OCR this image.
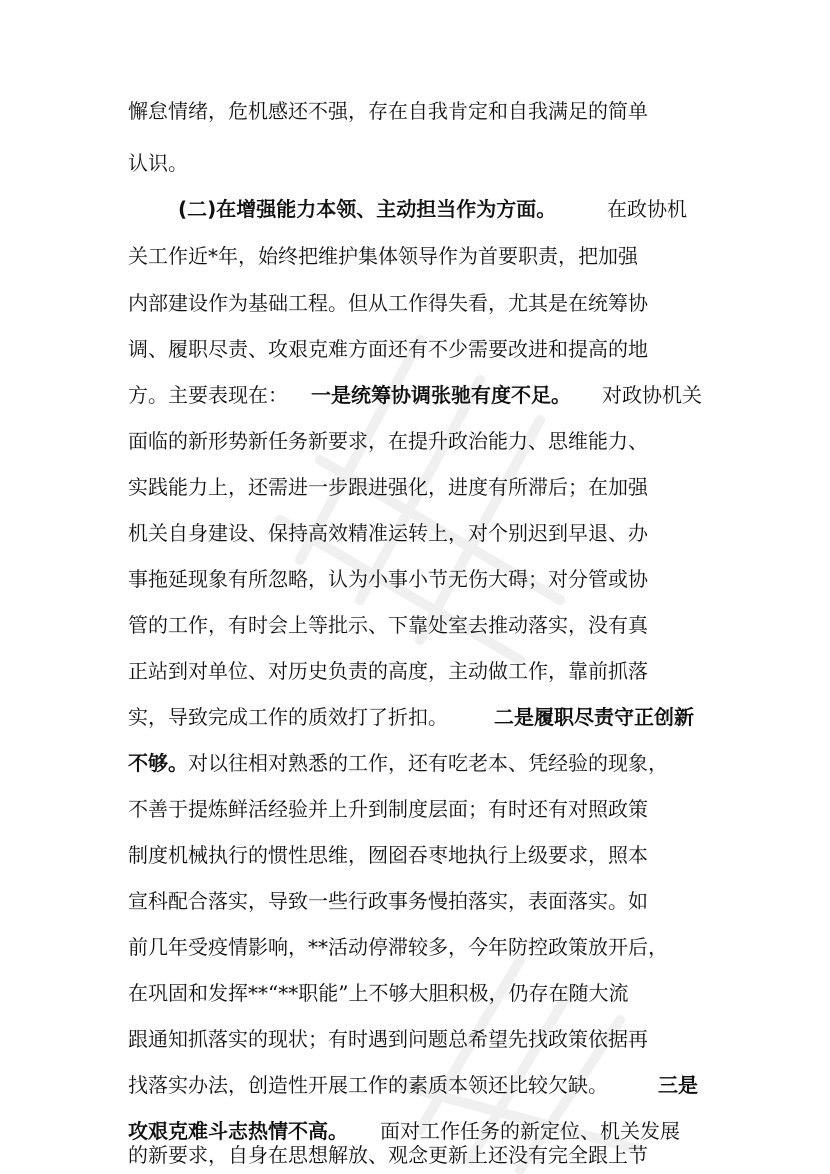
懈怠情绪，危机感还不强，存在自我肯定和自我满足的简单
认识。
(二)在增强能力本领、主动担当作为方面。	在政协机
关工作近*年，始终把维护集体领导作为首要职责，把加强
内部建设作为基础工程。但从工作得失看，尤其是在统筹协
调、履职尽责、攻艰克难方面还有不少需要改进和提高的地
方。主要表现在： 一是统筹协调张驰有度不足。 对政协机关
面临的新形势新任务新要求，在提升政治能力、思维能力、
实践能力上，还需进一步跟进强化，进度有所滞后；在加强
机关自身建设、保持高效精准运转上，对个别迟到早退、办
事拖延现象有所忽略，认为小事小节无伤大碍；对分管或协
管的工作，有时会上等批示、下靠处室去推动落实，没有真
正站到对单位、对历史负责的高度，主动做工作，靠前抓落
实，导致完成工作的质效打了折扣。 二是履职尽责守正创新
不够。 对以往相对熟悉的工作，还有吃老本、凭经验的现象，
不善于提炼鲜活经验并上升到制度层面；有时还有对照政策
制度机械执行的惯性思维，囫囵吞枣地执行上级要求，照本
宣科配合落实，导致一些行政事务慢拍落实，表面落实。如
前几年受疫情影响，**活动停滞较多，今年防控政策放开后，
在巩固和发挥**“**职能”上不够大胆积极，仍存在随大流
跟通知抓落实的现状；有时遇到问题总希望先找政策依据再
找落实办法，创造性开展工作的素质本领还比较欠缺。	三是
攻艰克难斗志热情不高。 面对工作任务的新定位、机关发展
的新要求，自身在思想解放、观念更新上还没有完全跟上节
